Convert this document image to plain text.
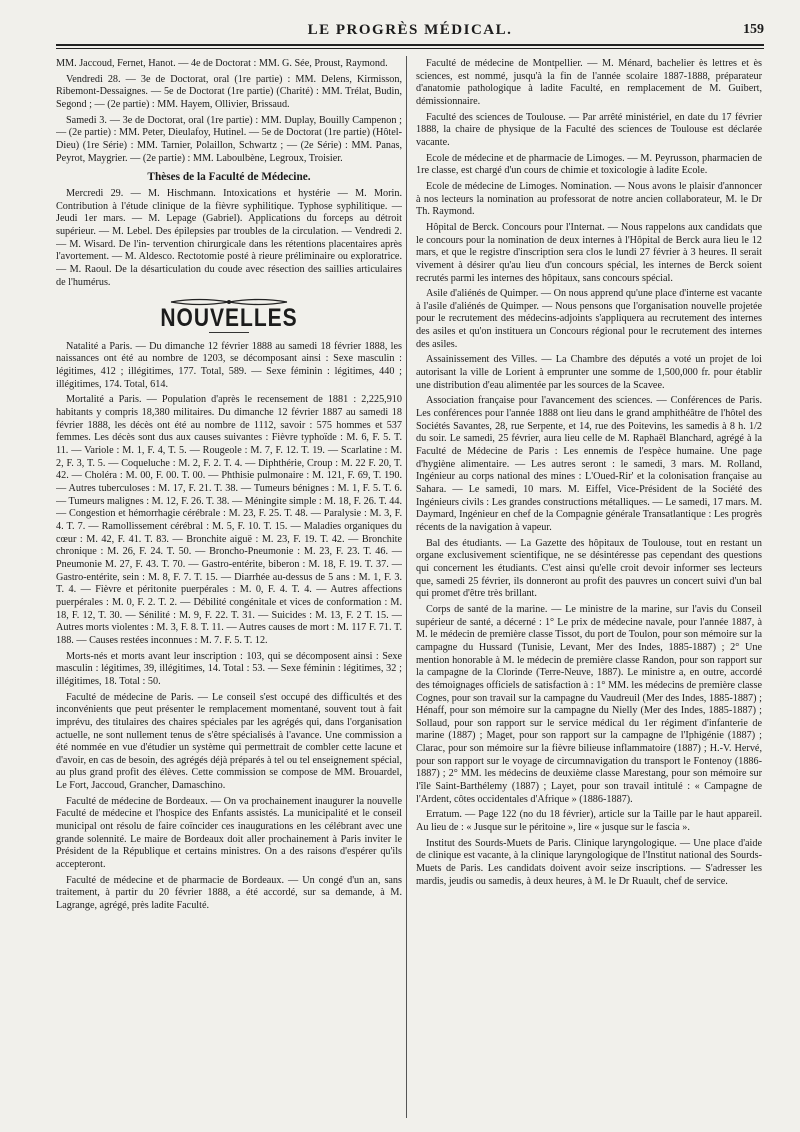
LE PROGRÈS MÉDICAL.	159

MM. Jaccoud, Fernet, Hanot. — 4e de Doctorat : MM. G. Sée, Proust, Raymond.

Vendredi 28. — 3e de Doctorat, oral (1re partie) : MM. Delens, Kirmisson, Ribemont-Dessaignes. — 5e de Doctorat (1re partie) (Charité) : MM. Trélat, Budin, Segond ; — (2e partie) : MM. Hayem, Ollivier, Brissaud.

Samedi 3. — 3e de Doctorat, oral (1re partie) : MM. Duplay, Bouilly Campenon ; — (2e partie) : MM. Peter, Dieulafoy, Hutinel. — 5e de Doctorat (1re partie) (Hôtel-Dieu) (1re Série) : MM. Tarnier, Polaillon, Schwartz ; — (2e Série) : MM. Panas, Peyrot, Maygrier. — (2e partie) : MM. Laboulbène, Legroux, Troisier.

Thèses de la Faculté de Médecine.

Mercredi 29. — M. Hischmann. Intoxications et hystérie — M. Morin. Contribution à l'étude clinique de la fièvre syphilitique. Typhose syphilitique. — Jeudi 1er mars. — M. Lepage (Gabriel). Applications du forceps au détroit supérieur. — M. Lebel. Des épilepsies par troubles de la circulation. — Vendredi 2. — M. Wisard. De l'in- tervention chirurgicale dans les rétentions placentaires après l'avortement. — M. Aldesco. Rectotomie posté à rieure préliminaire ou exploratrice. — M. Raoul. De la désarticulation du coude avec résection des saillies articulaires de l'humérus.

NOUVELLES

Natalité a Paris. — Du dimanche 12 février 1888 au samedi 18 février 1888, les naissances ont été au nombre de 1203, se décomposant ainsi : Sexe masculin : légitimes, 412 ; illégitimes, 177. Total, 589. — Sexe féminin : légitimes, 440 ; illégitimes, 174. Total, 614.

Mortalité a Paris. — Population d'après le recensement de 1881 : 2,225,910 habitants y compris 18,380 militaires. Du dimanche 12 février 1887 au samedi 18 février 1888, les décès ont été au nombre de 1112, savoir : 575 hommes et 537 femmes. Les décès sont dus aux causes suivantes : Fièvre typhoïde : M. 6, F. 5. T. 11. — Variole : M. 1, F. 4, T. 5. — Rougeole : M. 7, F. 12. T. 19. — Scarlatine : M. 2, F. 3, T. 5. — Coqueluche : M. 2, F. 2. T. 4. — Diphthérie, Croup : M. 22 F. 20, T. 42. — Choléra : M. 00, F. 00. T. 00. — Phthisie pulmonaire : M. 121, F. 69, T. 190. — Autres tuberculoses : M. 17, F. 21. T. 38. — Tumeurs bénignes : M. 1, F. 5. T. 6. — Tumeurs malignes : M. 12, F. 26. T. 38. — Méningite simple : M. 18, F. 26. T. 44. — Congestion et hémorrhagie cérébrale : M. 23, F. 25. T. 48. — Paralysie : M. 3, F. 4. T. 7. — Ramollissement cérébral : M. 5, F. 10. T. 15. — Maladies organiques du cœur : M. 42, F. 41. T. 83. — Bronchite aiguë : M. 23, F. 19. T. 42. — Bronchite chronique : M. 26, F. 24. T. 50. — Broncho-Pneumonie : M. 23, F. 23. T. 46. — Pneumonie M. 27, F. 43. T. 70. — Gastro-entérite, biberon : M. 18, F. 19. T. 37. — Gastro-entérite, sein : M. 8, F. 7. T. 15. — Diarrhée au-dessus de 5 ans : M. 1, F. 3. T. 4. — Fièvre et péritonite puerpérales : M. 0, F. 4. T. 4. — Autres affections puerpérales : M. 0, F. 2. T. 2. — Débilité congénitale et vices de conformation : M. 18, F. 12, T. 30. — Sénilité : M. 9, F. 22. T. 31. — Suicides : M. 13, F. 2 T. 15. — Autres morts violentes : M. 3, F. 8. T. 11. — Autres causes de mort : M. 117 F. 71. T. 188. — Causes restées inconnues : M. 7. F. 5. T. 12.

Morts-nés et morts avant leur inscription : 103, qui se décomposent ainsi : Sexe masculin : légitimes, 39, illégitimes, 14. Total : 53. — Sexe féminin : légitimes, 32 ; illégitimes, 18. Total : 50.

Faculté de médecine de Paris. — Le conseil s'est occupé des difficultés et des inconvénients que peut présenter le remplacement momentané, souvent tout à fait imprévu, des titulaires des chaires spéciales par les agrégés qui, dans l'organisation actuelle, ne sont nullement tenus de s'être spécialisés à l'avance. Une commission a été nommée en vue d'étudier un système qui permettrait de combler cette lacune et d'avoir, en cas de besoin, des agrégés déjà préparés à tel ou tel enseignement spécial, au plus grand profit des élèves. Cette commission se compose de MM. Brouardel, Le Fort, Jaccoud, Grancher, Damaschino.

Faculté de médecine de Bordeaux. — On va prochainement inaugurer la nouvelle Faculté de médecine et l'hospice des Enfants assistés. La municipalité et le conseil municipal ont résolu de faire coïncider ces inaugurations en les célébrant avec une grande solennité. Le maire de Bordeaux doit aller prochainement à Paris inviter le Président de la République et certains ministres. On a des raisons d'espérer qu'ils accepteront.

Faculté de médecine et de pharmacie de Bordeaux. — Un congé d'un an, sans traitement, à partir du 20 février 1888, a été accordé, sur sa demande, à M. Lagrange, agrégé, près ladite Faculté.

Faculté de médecine de Montpellier. — M. Ménard, bachelier ès lettres et ès sciences, est nommé, jusqu'à la fin de l'année scolaire 1887-1888, préparateur d'anatomie pathologique à ladite Faculté, en remplacement de M. Guibert, démissionnaire.

Faculté des sciences de Toulouse. — Par arrêté ministériel, en date du 17 février 1888, la chaire de physique de la Faculté des sciences de Toulouse est déclarée vacante.

Ecole de médecine et de pharmacie de Limoges. — M. Peyrusson, pharmacien de 1re classe, est chargé d'un cours de chimie et toxicologie à ladite Ecole.

Ecole de médecine de Limoges. Nomination. — Nous avons le plaisir d'annoncer à nos lecteurs la nomination au professorat de notre ancien collaborateur, M. le Dr Th. Raymond.

Hôpital de Berck. Concours pour l'Internat. — Nous rappelons aux candidats que le concours pour la nomination de deux internes à l'Hôpital de Berck aura lieu le 12 mars, et que le registre d'inscription sera clos le lundi 27 février à 3 heures. Il serait vivement à désirer qu'au lieu d'un concours spécial, les internes de Berck soient recrutés parmi les internes des hôpitaux, sans concours spécial.

Asile d'aliénés de Quimper. — On nous apprend qu'une place d'interne est vacante à l'asile d'aliénés de Quimper. — Nous pensons que l'organisation nouvelle projetée pour le recrutement des médecins-adjoints s'appliquera au recrutement des internes des asiles et qu'on instituera un Concours régional pour le recrutement des internes des asiles.

Assainissement des Villes. — La Chambre des députés a voté un projet de loi autorisant la ville de Lorient à emprunter une somme de 1,500,000 fr. pour établir une distribution d'eau alimentée par les sources de la Scavee.

Association française pour l'avancement des sciences. — Conférences de Paris. Les conférences pour l'année 1888 ont lieu dans le grand amphithéâtre de l'hôtel des Sociétés Savantes, 28, rue Serpente, et 14, rue des Poitevins, les samedis à 8 h. 1/2 du soir. Le samedi, 25 février, aura lieu celle de M. Raphaël Blanchard, agrégé à la Faculté de Médecine de Paris : Les ennemis de l'espèce humaine. Une page d'hygiène alimentaire. — Les autres seront : le samedi, 3 mars. M. Rolland, Ingénieur au corps national des mines : L'Oued-Rir' et la colonisation française au Sahara. — Le samedi, 10 mars. M. Eiffel, Vice-Président de la Société des Ingénieurs civils : Les grandes constructions métalliques. — Le samedi, 17 mars. M. Daymard, Ingénieur en chef de la Compagnie générale Transatlantique : Les progrès récents de la navigation à vapeur.

Bal des étudiants. — La Gazette des hôpitaux de Toulouse, tout en restant un organe exclusivement scientifique, ne se désintéresse pas cependant des questions qui concernent les étudiants. C'est ainsi qu'elle croit devoir informer ses lecteurs que, samedi 25 février, ils donneront au profit des pauvres un concert suivi d'un bal qui promet d'être très brillant.

Corps de santé de la marine. — Le ministre de la marine, sur l'avis du Conseil supérieur de santé, a décerné : 1° Le prix de médecine navale, pour l'année 1887, à M. le médecin de première classe Tissot, du port de Toulon, pour son mémoire sur la campagne du Hussard (Tunisie, Levant, Mer des Indes, 1885-1887) ; 2° Une mention honorable à M. le médecin de première classe Randon, pour son rapport sur la campagne de la Clorinde (Terre-Neuve, 1887). Le ministre a, en outre, accordé des témoignages officiels de satisfaction à : 1° MM. les médecins de première classe Cognes, pour son travail sur la campagne du Vaudreuil (Mer des Indes, 1885-1887) ; Hénaff, pour son mémoire sur la campagne du Nielly (Mer des Indes, 1885-1887) ; Sollaud, pour son rapport sur le service médical du 1er régiment d'infanterie de marine (1887) ; Maget, pour son rapport sur la campagne de l'Iphigénie (1887) ; Clarac, pour son mémoire sur la fièvre bilieuse inflammatoire (1887) ; H.-V. Hervé, pour son rapport sur le voyage de circumnavigation du transport le Fontenoy (1886-1887) ; 2° MM. les médecins de deuxième classe Marestang, pour son mémoire sur l'île Saint-Barthélemy (1887) ; Layet, pour son travail intitulé : « Campagne de l'Ardent, côtes occidentales d'Afrique » (1886-1887).

Erratum. — Page 122 (no du 18 février), article sur la Taille par le haut appareil. Au lieu de : « Jusque sur le péritoine », lire « jusque sur le fascia ».

Institut des Sourds-Muets de Paris. Clinique laryngologique. — Une place d'aide de clinique est vacante, à la clinique laryngologique de l'Institut national des Sourds-Muets de Paris. Les candidats doivent avoir seize inscriptions. — S'adresser les mardis, jeudis ou samedis, à deux heures, à M. le Dr Ruault, chef de service.
